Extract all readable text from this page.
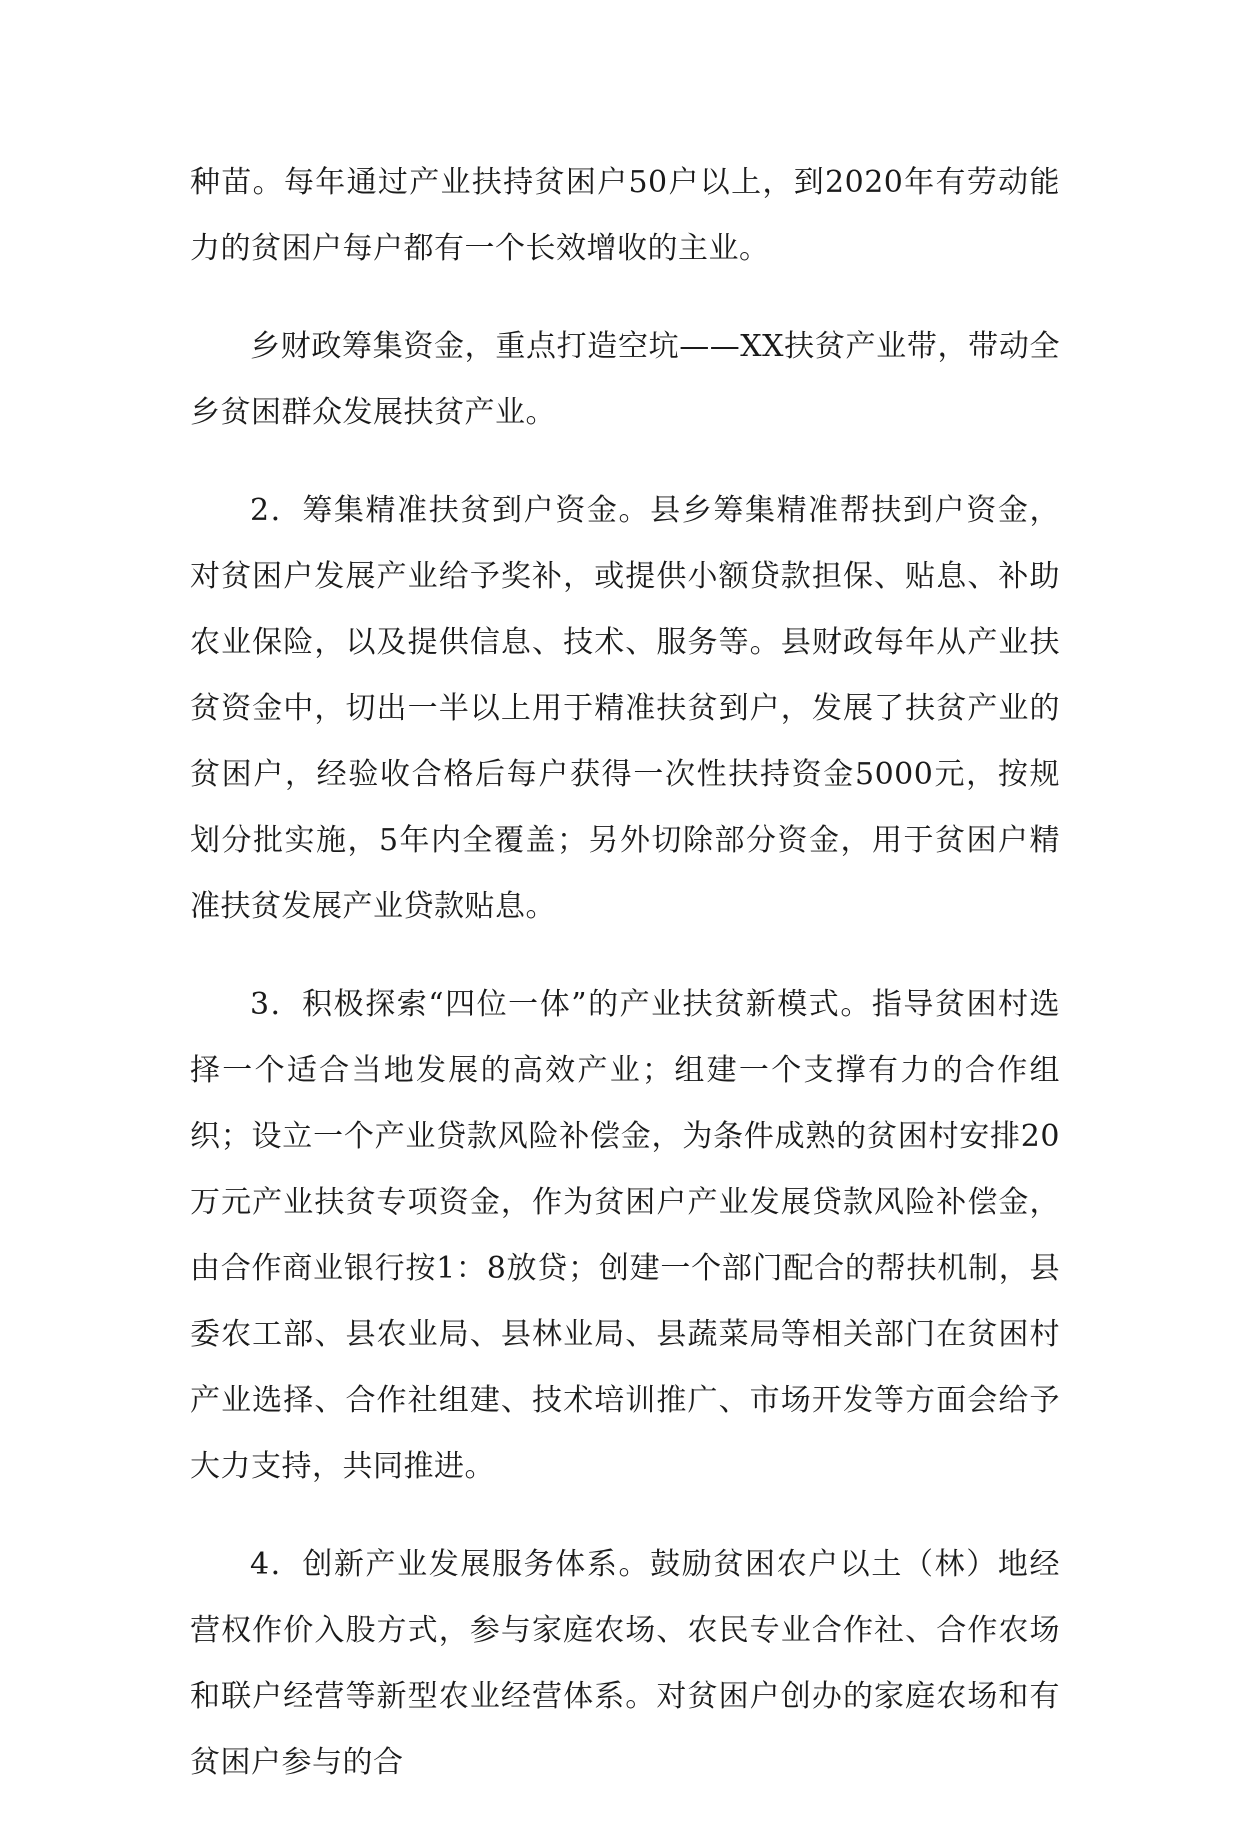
种苗。每年通过产业扶持贫困户50户以上，到2020年有劳动能力的贫困户每户都有一个长效增收的主业。

乡财政筹集资金，重点打造空坑——XX扶贫产业带，带动全乡贫困群众发展扶贫产业。

2．筹集精准扶贫到户资金。县乡筹集精准帮扶到户资金，对贫困户发展产业给予奖补，或提供小额贷款担保、贴息、补助农业保险，以及提供信息、技术、服务等。县财政每年从产业扶贫资金中，切出一半以上用于精准扶贫到户，发展了扶贫产业的贫困户，经验收合格后每户获得一次性扶持资金5000元，按规划分批实施，5年内全覆盖；另外切除部分资金，用于贫困户精准扶贫发展产业贷款贴息。

3．积极探索“四位一体”的产业扶贫新模式。指导贫困村选择一个适合当地发展的高效产业；组建一个支撑有力的合作组织；设立一个产业贷款风险补偿金，为条件成熟的贫困村安排20万元产业扶贫专项资金，作为贫困户产业发展贷款风险补偿金，由合作商业银行按1：8放贷；创建一个部门配合的帮扶机制，县委农工部、县农业局、县林业局、县蔬菜局等相关部门在贫困村产业选择、合作社组建、技术培训推广、市场开发等方面会给予大力支持，共同推进。

4．创新产业发展服务体系。鼓励贫困农户以土（林）地经营权作价入股方式，参与家庭农场、农民专业合作社、合作农场和联户经营等新型农业经营体系。对贫困户创办的家庭农场和有贫困户参与的合
